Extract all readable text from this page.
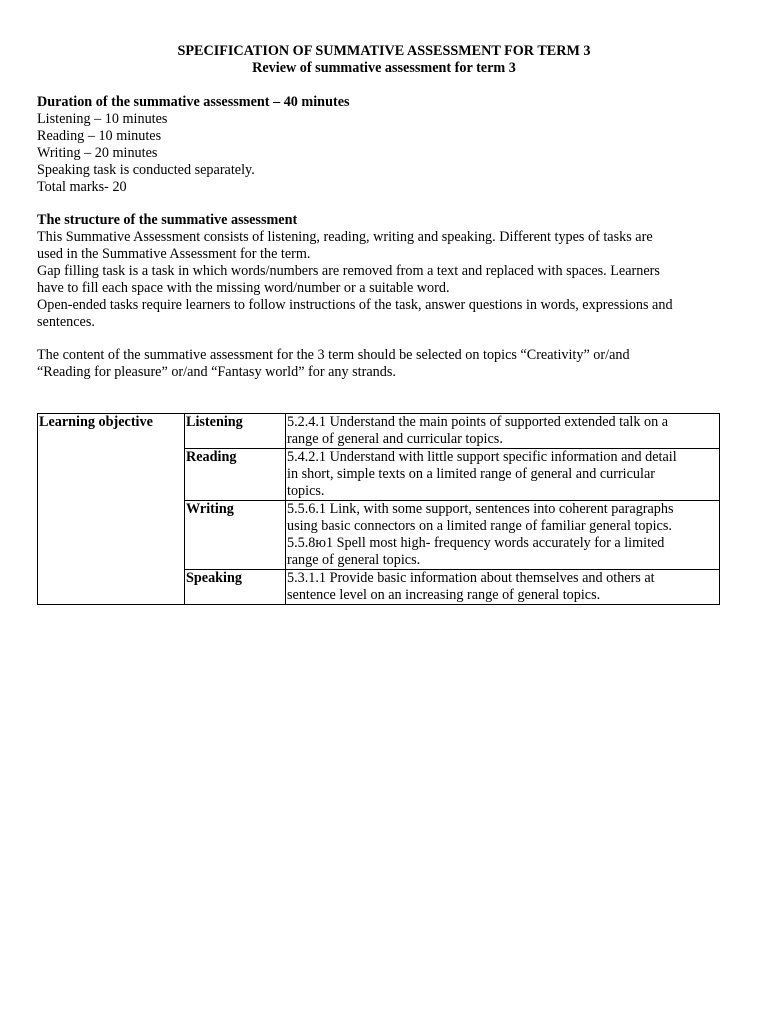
SPECIFICATION OF SUMMATIVE ASSESSMENT FOR TERM 3
Review of summative assessment for term 3
Duration of the summative assessment – 40 minutes
Listening – 10 minutes
Reading – 10 minutes
Writing – 20 minutes
Speaking task is conducted separately.
Total marks- 20
The structure of the summative assessment
This Summative Assessment consists of listening, reading, writing and speaking. Different types of tasks are
used in the Summative Assessment for the term.
Gap filling task is a task in which words/numbers are removed from a text and replaced with spaces. Learners
have to fill each space with the missing word/number or a suitable word.
Open-ended tasks require learners to follow instructions of the task, answer questions in words, expressions and
sentences.
The content of the summative assessment for the 3 term should be selected on topics “Creativity” or/and
“Reading for pleasure” or/and “Fantasy world” for any strands.
Learning objective	Listening	5.2.4.1 Understand the main points of supported extended talk on a
range of general and curricular topics.

	Reading	5.4.2.1 Understand with little support specific information and detail
in short, simple texts on a limited range of general and curricular
topics.

	Writing	5.5.6.1 Link, with some support, sentences into coherent paragraphs
using basic connectors on a limited range of familiar general topics.
5.5.8ю1 Spell most high- frequency words accurately for a limited
range of general topics.

	Speaking	5.3.1.1 Provide basic information about themselves and others at
sentence level on an increasing range of general topics.
